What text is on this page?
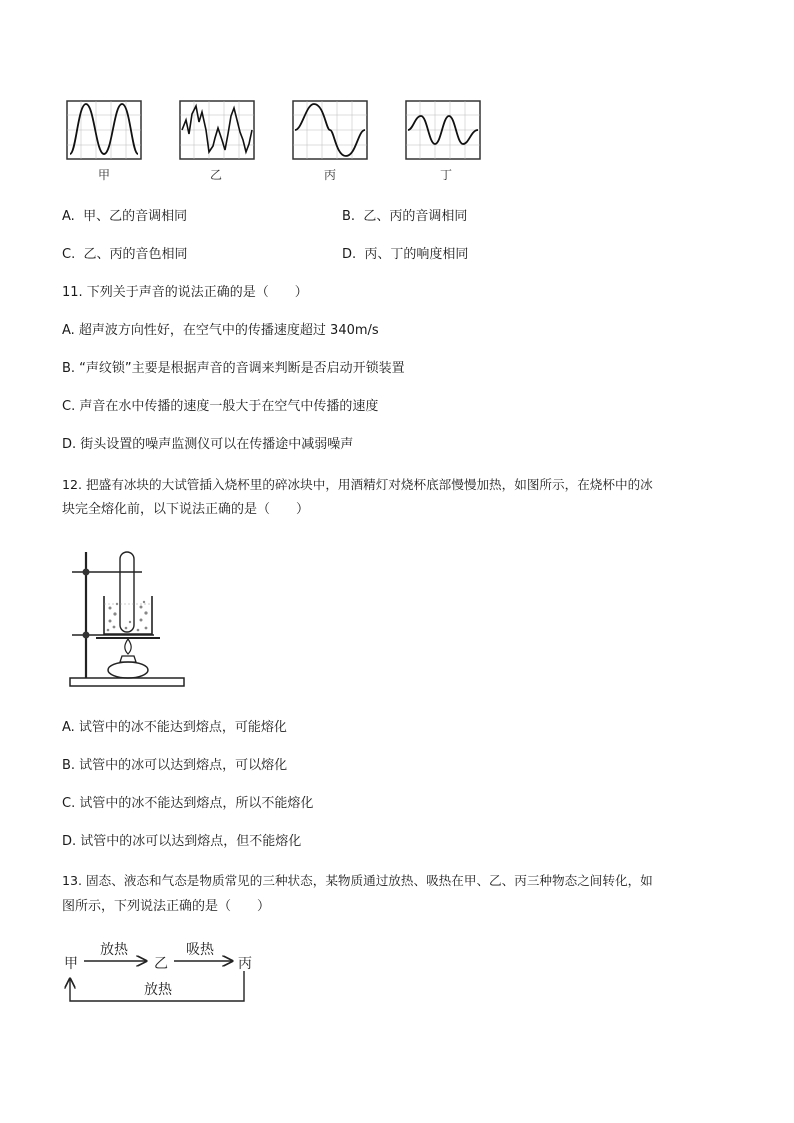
甲	乙	丙	丁
A. 甲、乙的音调相同	B. 乙、丙的音调相同
C. 乙、丙的音色相同	D. 丙、丁的响度相同
11. 下列关于声音的说法正确的是（　　）
A. 超声波方向性好，在空气中的传播速度超过 340m/s
B. “声纹锁”主要是根据声音的音调来判断是否启动开锁装置
C. 声音在水中传播的速度一般大于在空气中传播的速度
D. 街头设置的噪声监测仪可以在传播途中减弱噪声
12. 把盛有冰块的大试管插入烧杯里的碎冰块中，用酒精灯对烧杯底部慢慢加热，如图所示，在烧杯中的冰
块完全熔化前，以下说法正确的是（　　）
A. 试管中的冰不能达到熔点，可能熔化
B. 试管中的冰可以达到熔点，可以熔化
C. 试管中的冰不能达到熔点，所以不能熔化
D. 试管中的冰可以达到熔点，但不能熔化
13. 固态、液态和气态是物质常见的三种状态，某物质通过放热、吸热在甲、乙、丙三种物态之间转化，如
图所示，下列说法正确的是（　　）
甲	乙	丙
放热	吸热
放热
